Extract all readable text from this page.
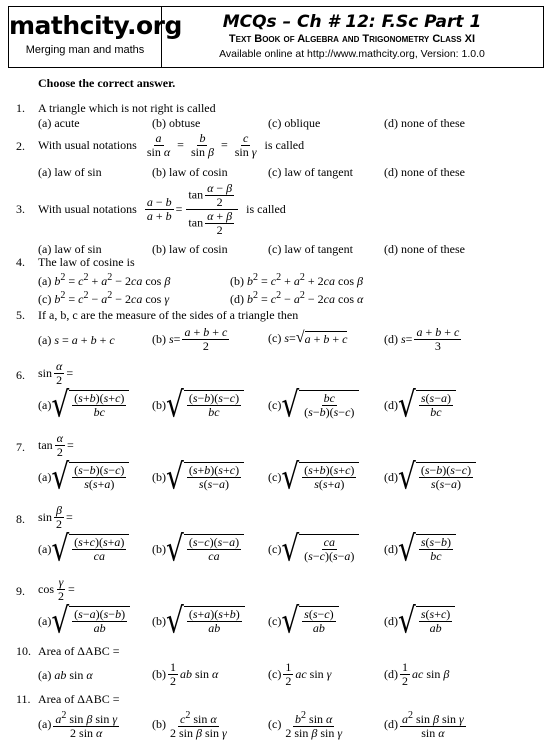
mathcity.org
Merging man and maths
MCQs – Ch # 12: F.Sc Part 1
Text Book of Algebra and Trigonometry Class XI
Available online at http://www.mathcity.org, Version: 1.0.0
Choose the correct answer.
1. A triangle which is not right is called
(a) acute	(b) obtuse	(c) oblique	(d) none of these
2. With usual notations $\frac{a}{\text{sin α}} = \frac{b}{\text{sin β}} = \frac{c}{\text{sin γ}}$ is called
(a) law of sin	(b) law of cosin	(c) law of tangent	(d) none of these
3. With usual notations
a − b
a + b =
$\tan \frac{\alpha - \beta}{2}$
$\tan \frac{\alpha + \beta}{2}$
is called
(a) law of sin	(b) law of cosin	(c) law of tangent	(d) none of these
4. The law of cosine is
(a) $b^2 = c^2 + a^2 - 2ca$ cos β	(b) $b^2 = c^2 + a^2 + 2ca$ cos β
(c) $b^2 = c^2 - a^2 - 2ca$ cos γ	(d) $b^2 = c^2 - a^2 - 2ca$ cos α
5. If a, b, c are the measure of the sides of a triangle then
(a) s = a + b + c	(b)
s =
a + b + c
2
(c)
s = √ a + b + c	(d)
s =
a + b + c
3
6. sin
α
2 =
(a) √ (s+b)(s+c)
bc
(b) √ (s−b)(s−c)
bc
(c) √ bc
(s−b)(s−c)
(d) √ s(s−a)
bc
7. tan
α
2 =
(a) √ (s−b)(s−c)
s(s+a)
(b) √ (s+b)(s+c)
s(s−a)
(c) √ (s+b)(s+c)
s(s+a)
(d) √ (s−b)(s−c)
s(s−a)
8. sin
β
2 =
(a) √ (s+c)(s+a)
ca
(b) √ (s−c)(s−a)
ca
(c) √ ca
(s−c)(s−a)
(d) √ s(s−b)
bc
9. cos
γ
2 =
(a) √ (s−a)(s−b)
ab
(b) √ (s+a)(s+b)
ab
(c) √ s(s−c)
ab
(d) √ s(s+c)
ab
10. Area of ΔABC =
(a) ab sin α	(b)
1
2 ab sin α	(c)
1
2 ac sin γ	(d)
1
2 ac sin β
11. Area of ΔABC =
(a) $a^2$ sin β sin γ
2 sin α
(b) $c^2$ sin α
2 sin β sin γ
(c) $b^2$ sin α
2 sin β sin γ
(d) $a^2$ sin β sin γ
sin α
